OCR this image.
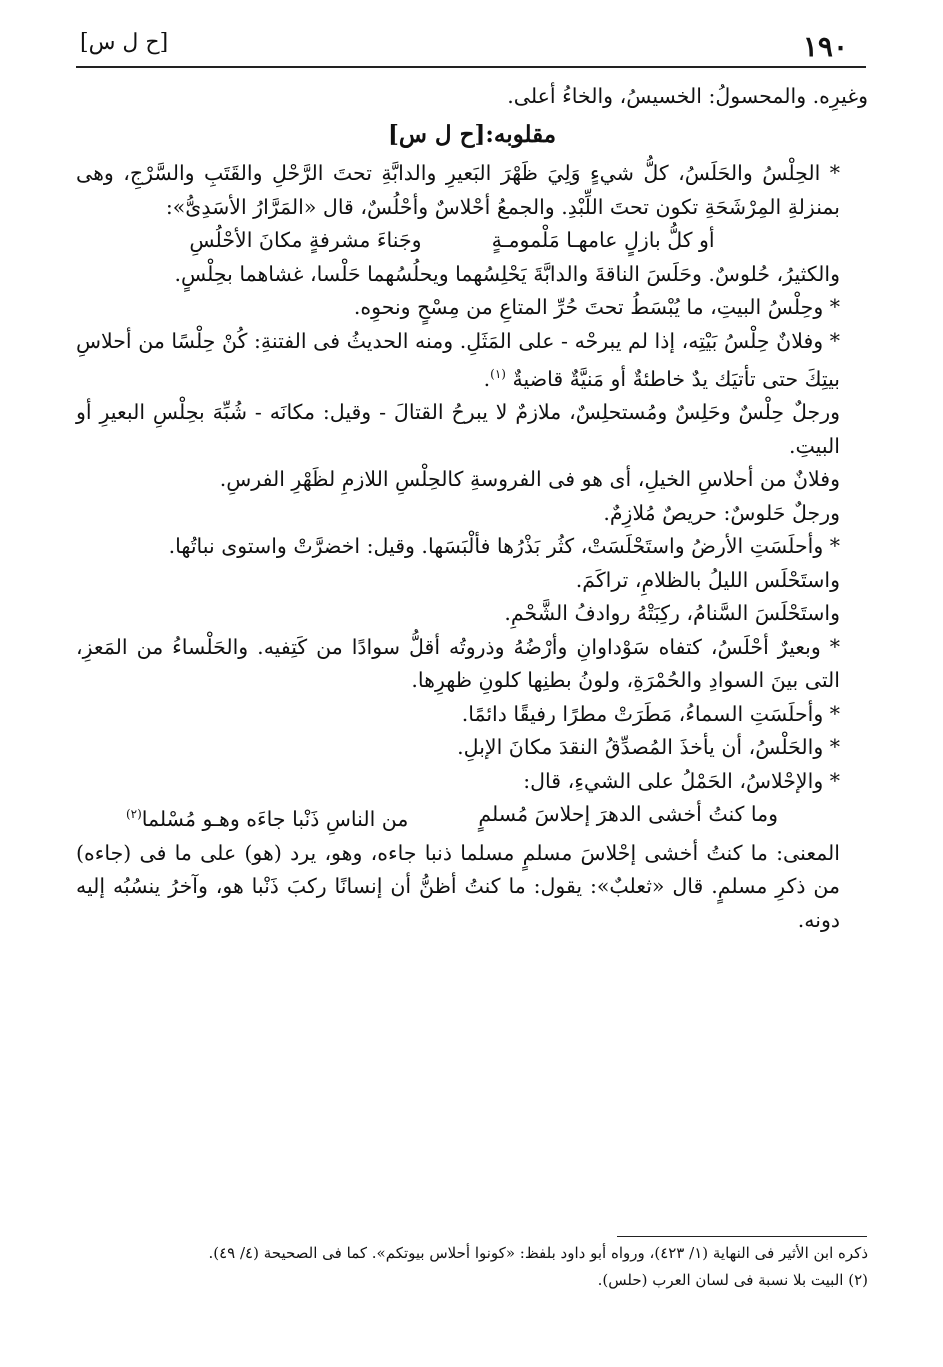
١٩٠
[ح ل س]

وغيرِه. والمحسولُ: الخسيسُ، والخاءُ أعلى.

مقلوبه:[ح ل س]

* الحِلْسُ والحَلَسُ، كلُّ شيءٍ وَلِيَ ظَهْرَ البَعيرِ والدابَّةِ تحتَ الرَّحْلِ والقَتَبِ والسَّرْجِ، وهى بمنزلةِ المِرْشَحَةِ تكون تحتَ اللِّبْدِ. والجمعُ أحْلاسٌ وأحْلُسٌ، قال «المَرَّارُ الأسَدِىُّ»:

أو كلُّ بازلٍ عامهـا مَلْمومـةٍ
وجَناءَ مشرفةٍ مكانَ الأحْلُسِ

والكثيرُ، حُلوسٌ. وحَلَسَ الناقةَ والدابَّةَ يَحْلِسُهما ويحلُسُهما حَلْسا، غشاهما بحِلْسٍ.

* وحِلْسُ البيتِ، ما يُبْسَطُ تحتَ حُرِّ المتاعِ من مِسْحٍ ونحوِه.

* وفلانٌ حِلْسُ بَيْتِه، إذا لم يبرحْه - على المَثَلِ. ومنه الحديثُ فى الفتنةِ: كُنْ حِلْسًا من أحلاسِ بيتِكَ حتى تأتيَك يدٌ خاطئةٌ أو مَنيَّةٌ قاضيةٌ $^{(١)}$.

ورجلٌ حِلْسٌ وحَلِسٌ ومُستحلِسٌ، ملازمٌ لا يبرحُ القتالَ - وقيل: مكانَه - شُبِّهَ بحِلْسِ البعيرِ أو البيتِ.

وفلانٌ من أحلاسِ الخيلِ، أى هو فى الفروسةِ كالحِلْسِ اللازمِ لظَهْرِ الفرسِ.

ورجلٌ حَلوسٌ: حريصٌ مُلازِمٌ.

* وأحلَسَتِ الأرضُ واستَحْلَسَتْ، كثُر بَذْرُها فألْبَسَها. وقيل: اخضرَّتْ واستوى نباتُها.

واستَحْلَس الليلُ بالظلامِ، تراكَمَ.

واستَحْلَسَ السَّنامُ، ركِبَتْهُ روادفُ الشَّحْمِ.

* وبعيرٌ أحْلَسُ، كتفاه سَوْداوانِ وأرْضُهُ وذروتُه أقلُّ سوادًا من كَتِفيه. والحَلْساءُ من المَعزِ، التى بينَ السوادِ والحُمْرَةِ، ولونُ بطنِها كلونِ ظهرِها.

* وأحلَسَتِ السماءُ، مَطَرَتْ مطرًا رفيقًا دائمًا.

* والحَلْسُ، أن يأخذَ المُصدِّقُ النقدَ مكانَ الإبلِ.

* والإحْلاسُ، الحَمْلُ على الشيءِ، قال:

وما كنتُ أخشى الدهرَ إحلاسَ مُسلمٍ
من الناسِ ذَنْبا جاءَه وهـو مُسْلما$^{(٢)}$

المعنى: ما كنتُ أخشى إحْلاسَ مسلمٍ مسلما ذنبا جاءه، وهو، يرد (هو) على ما فى (جاءه) من ذكرِ مسلمٍ. قال «ثعلبٌ»: يقول: ما كنتُ أظنُّ أن إنسانًا ركبَ ذَنْبا هو، وآخرُ ينسُبُه إليه دونه.

ذكره ابن الأثير فى النهاية (١/ ٤٢٣)، ورواه أبو داود بلفظ: «كونوا أحلاس بيوتكم». كما فى الصحيحة (٤/ ٤٩).

(٢) البيت بلا نسبة فى لسان العرب (حلس).
